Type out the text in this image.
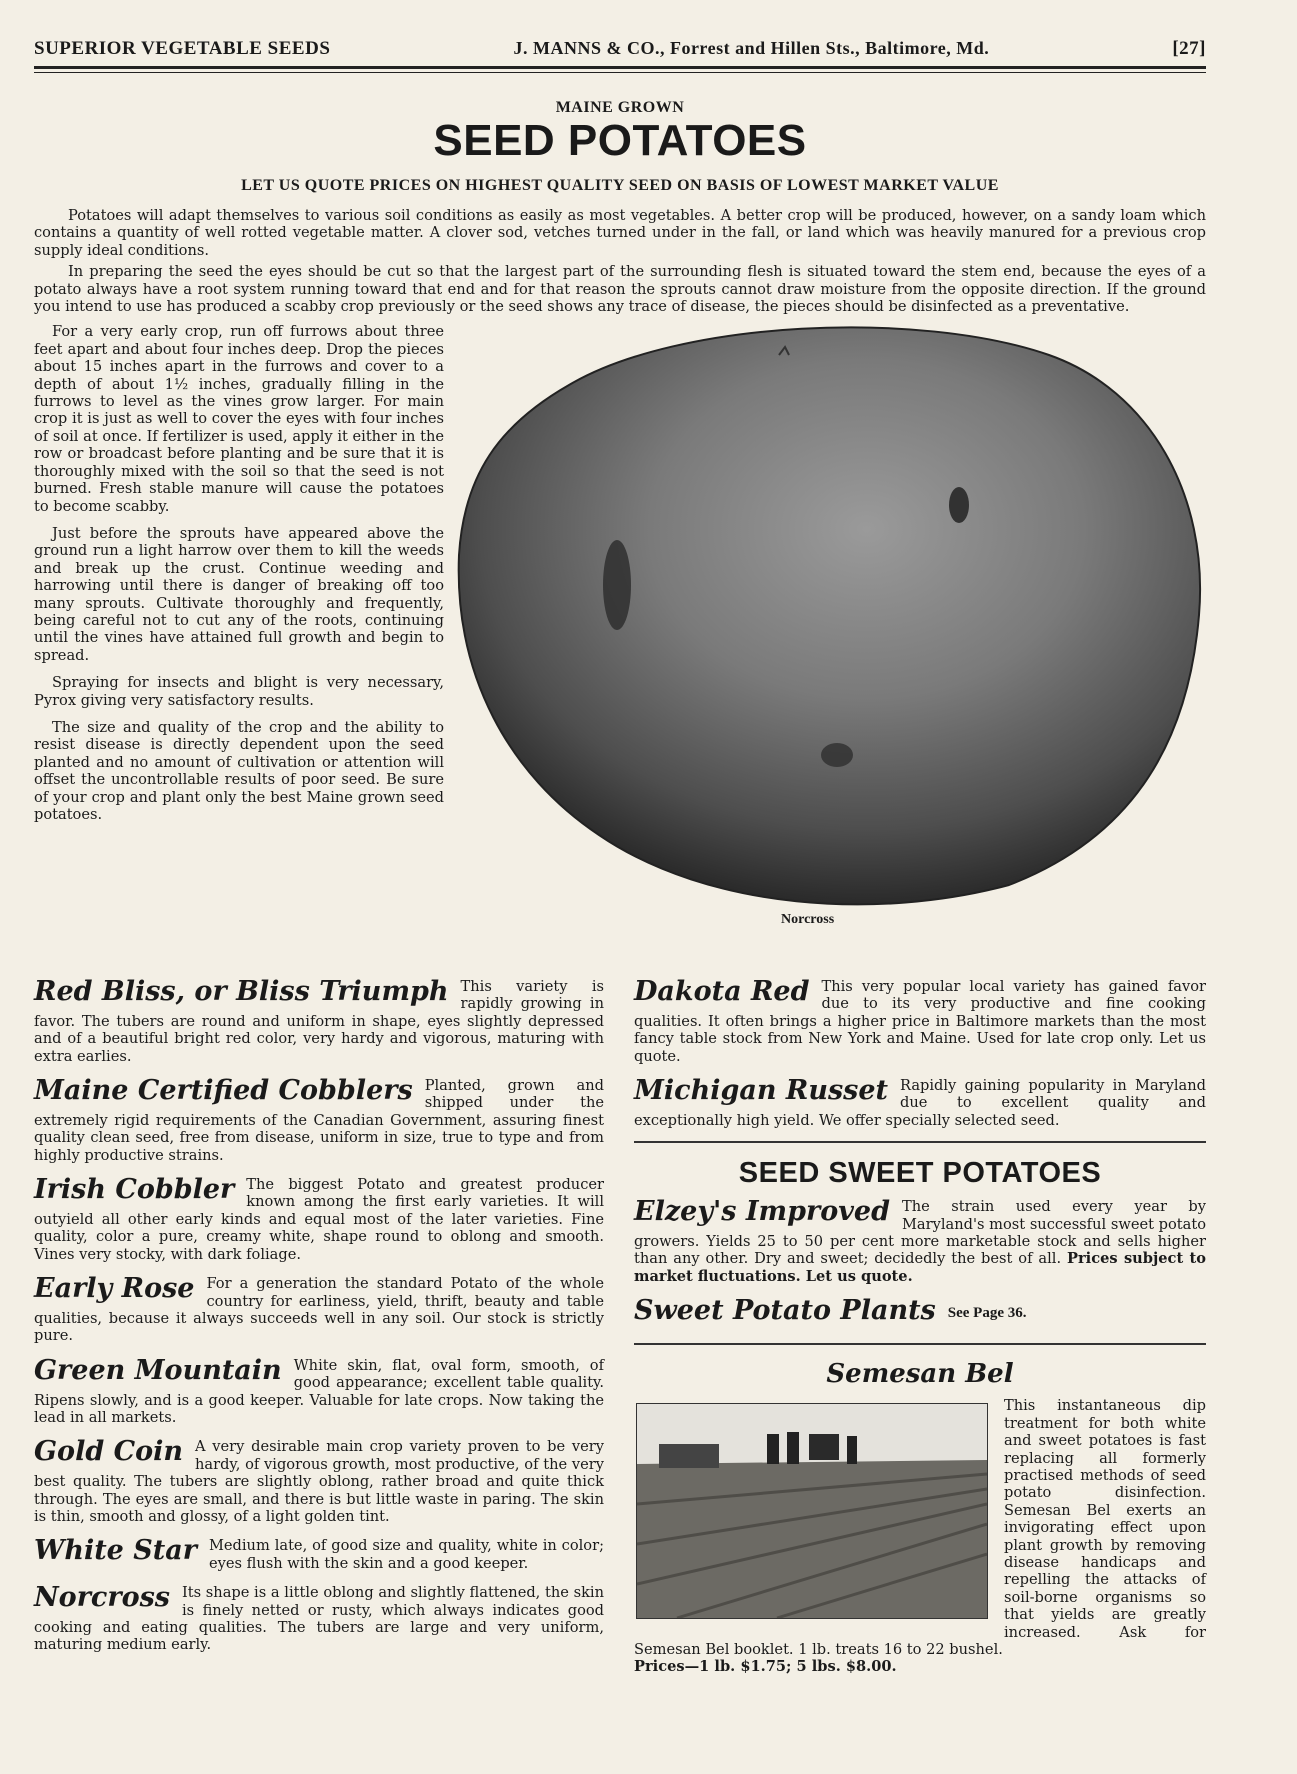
SUPERIOR VEGETABLE SEEDS	J. MANNS & CO., Forrest and Hillen Sts., Baltimore, Md.	[27]
MAINE GROWN
SEED POTATOES
LET US QUOTE PRICES ON HIGHEST QUALITY SEED ON BASIS OF LOWEST MARKET VALUE

Potatoes will adapt themselves to various soil conditions as easily as most vegetables. A better crop will be produced, however, on a sandy loam which contains a quantity of well rotted vegetable matter. A clover sod, vetches turned under in the fall, or land which was heavily manured for a previous crop supply ideal conditions.

In preparing the seed the eyes should be cut so that the largest part of the surrounding flesh is situated toward the stem end, because the eyes of a potato always have a root system running toward that end and for that reason the sprouts cannot draw moisture from the opposite direction. If the ground you intend to use has produced a scabby crop previously or the seed shows any trace of disease, the pieces should be disinfected as a preventative.

For a very early crop, run off furrows about three feet apart and about four inches deep. Drop the pieces about 15 inches apart in the furrows and cover to a depth of about 1½ inches, gradually filling in the furrows to level as the vines grow larger. For main crop it is just as well to cover the eyes with four inches of soil at once. If fertilizer is used, apply it either in the row or broadcast before planting and be sure that it is thoroughly mixed with the soil so that the seed is not burned. Fresh stable manure will cause the potatoes to become scabby.

Just before the sprouts have appeared above the ground run a light harrow over them to kill the weeds and break up the crust. Continue weeding and harrowing until there is danger of breaking off too many sprouts. Cultivate thoroughly and frequently, being careful not to cut any of the roots, continuing until the vines have attained full growth and begin to spread.

Spraying for insects and blight is very necessary, Pyrox giving very satisfactory results.

The size and quality of the crop and the ability to resist disease is directly dependent upon the seed planted and no amount of cultivation or attention will offset the uncontrollable results of poor seed. Be sure of your crop and plant only the best Maine grown seed potatoes.

Norcross
Red Bliss, or Bliss Triumph This variety is rapidly growing in favor. The tubers are round and uniform in shape, eyes slightly depressed and of a beautiful bright red color, very hardy and vigorous, maturing with extra earlies.
Maine Certified Cobblers Planted, grown and shipped under the extremely rigid requirements of the Canadian Government, assuring finest quality clean seed, free from disease, uniform in size, true to type and from highly productive strains.
Irish Cobbler The biggest Potato and greatest producer known among the first early varieties. It will outyield all other early kinds and equal most of the later varieties. Fine quality, color a pure, creamy white, shape round to oblong and smooth. Vines very stocky, with dark foliage.
Early Rose For a generation the standard Potato of the whole country for earliness, yield, thrift, beauty and table qualities, because it always succeeds well in any soil. Our stock is strictly pure.
Green Mountain White skin, flat, oval form, smooth, of good appearance; excellent table quality. Ripens slowly, and is a good keeper. Valuable for late crops. Now taking the lead in all markets.
Gold Coin A very desirable main crop variety proven to be very hardy, of vigorous growth, most productive, of the very best quality. The tubers are slightly oblong, rather broad and quite thick through. The eyes are small, and there is but little waste in paring. The skin is thin, smooth and glossy, of a light golden tint.
White Star Medium late, of good size and quality, white in color; eyes flush with the skin and a good keeper.
Norcross Its shape is a little oblong and slightly flattened, the skin is finely netted or rusty, which always indicates good cooking and eating qualities. The tubers are large and very uniform, maturing medium early.
Dakota Red This very popular local variety has gained favor due to its very productive and fine cooking qualities. It often brings a higher price in Baltimore markets than the most fancy table stock from New York and Maine. Used for late crop only. Let us quote.
Michigan Russet Rapidly gaining popularity in Maryland due to excellent quality and exceptionally high yield. We offer specially selected seed.
SEED SWEET POTATOES
Elzey's Improved The strain used every year by Maryland's most successful sweet potato growers. Yields 25 to 50 per cent more marketable stock and sells higher than any other. Dry and sweet; decidedly the best of all. Prices subject to market fluctuations. Let us quote.
Sweet Potato Plants See Page 36.
Semesan Bel
This instantaneous dip treatment for both white and sweet potatoes is fast replacing all formerly practised methods of seed potato disinfection. Semesan Bel exerts an invigorating effect upon plant growth by removing disease handicaps and repelling the attacks of soil-borne organisms so that yields are greatly increased. Ask for Semesan Bel booklet. 1 lb. treats 16 to 22 bushel.
Prices—1 lb. $1.75; 5 lbs. $8.00.
